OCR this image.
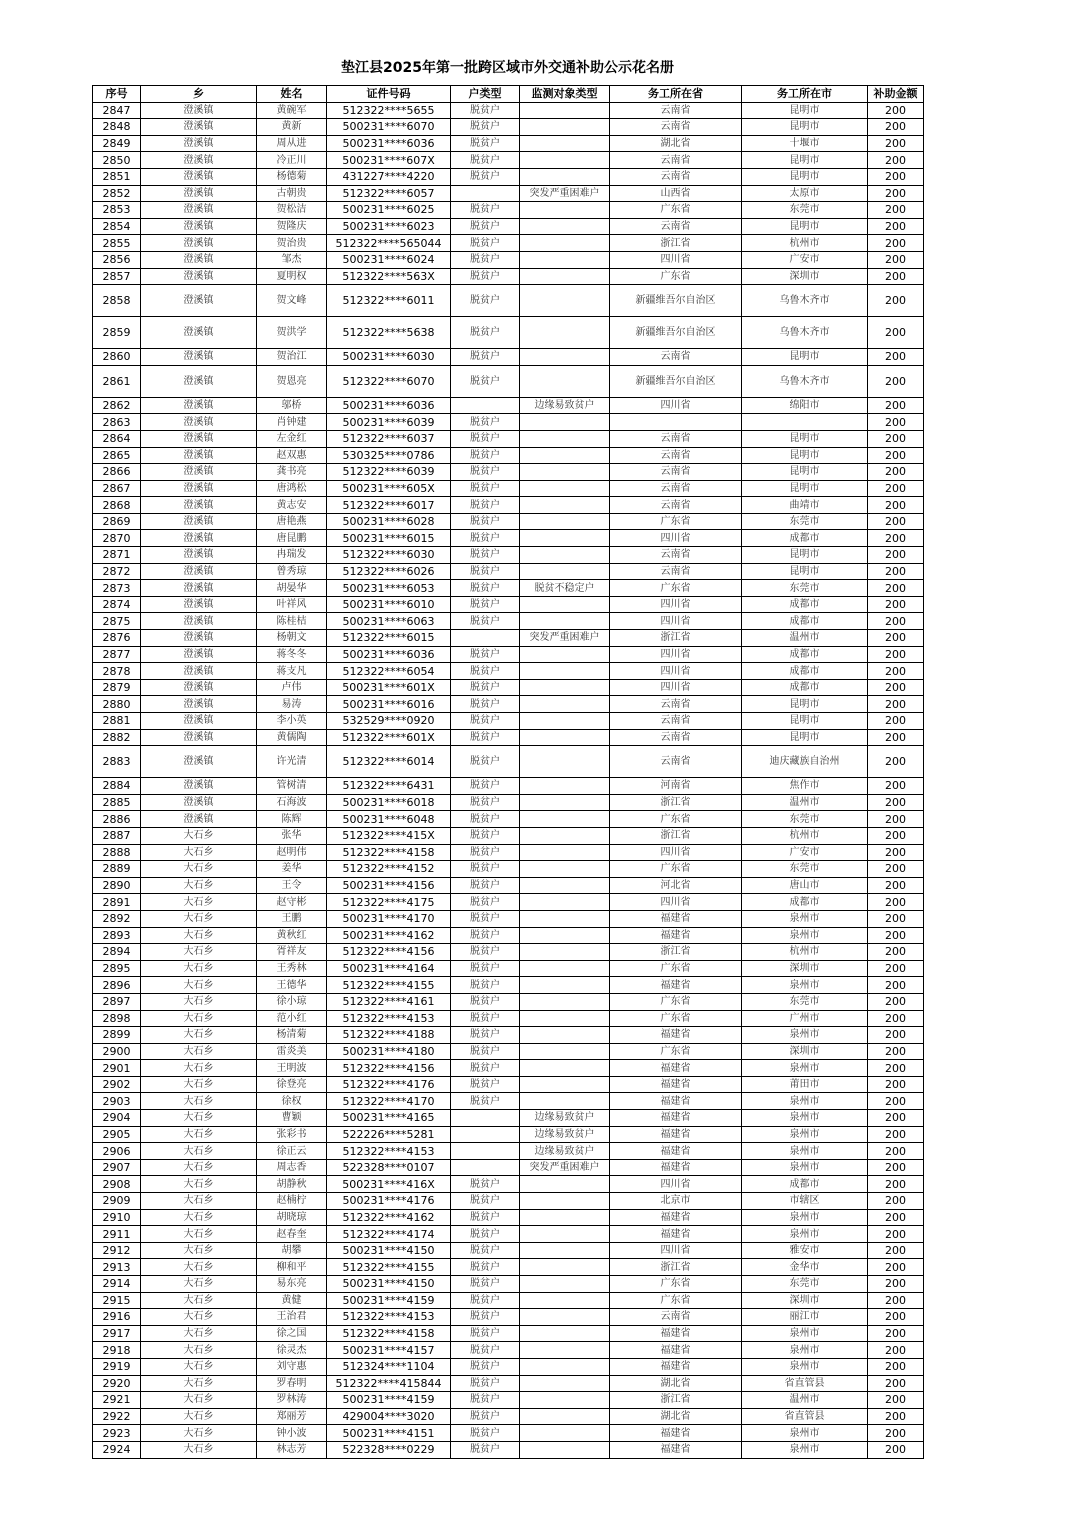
垫江县2025年第一批跨区域市外交通补助公示花名册
序号	乡	姓名	证件号码	户类型	监测对象类型	务工所在省	务工所在市	补助金额
2847	澄溪镇	黄碗军	512322****5655	脱贫户		云南省	昆明市	200
2848	澄溪镇	黄新	500231****6070	脱贫户		云南省	昆明市	200
2849	澄溪镇	周从进	500231****6036	脱贫户		湖北省	十堰市	200
2850	澄溪镇	冷正川	500231****607X	脱贫户		云南省	昆明市	200
2851	澄溪镇	杨德菊	431227****4220	脱贫户		云南省	昆明市	200
2852	澄溪镇	古朝贵	512322****6057		突发严重困难户	山西省	太原市	200
2853	澄溪镇	贺松洁	500231****6025	脱贫户		广东省	东莞市	200
2854	澄溪镇	贺隆庆	500231****6023	脱贫户		云南省	昆明市	200
2855	澄溪镇	贺治贵	512322****565044	脱贫户		浙江省	杭州市	200
2856	澄溪镇	邹杰	500231****6024	脱贫户		四川省	广安市	200
2857	澄溪镇	夏明权	512322****563X	脱贫户		广东省	深圳市	200
2858	澄溪镇	贺文峰	512322****6011	脱贫户		新疆维吾尔自治区	乌鲁木齐市	200
2859	澄溪镇	贺洪学	512322****5638	脱贫户		新疆维吾尔自治区	乌鲁木齐市	200
2860	澄溪镇	贺治江	500231****6030	脱贫户		云南省	昆明市	200
2861	澄溪镇	贺恩亮	512322****6070	脱贫户		新疆维吾尔自治区	乌鲁木齐市	200
2862	澄溪镇	邬桥	500231****6036		边缘易致贫户	四川省	绵阳市	200
2863	澄溪镇	肖钟建	500231****6039	脱贫户				200
2864	澄溪镇	左金红	512322****6037	脱贫户		云南省	昆明市	200
2865	澄溪镇	赵双惠	530325****0786	脱贫户		云南省	昆明市	200
2866	澄溪镇	龚书亮	512322****6039	脱贫户		云南省	昆明市	200
2867	澄溪镇	唐鸿松	500231****605X	脱贫户		云南省	昆明市	200
2868	澄溪镇	黄志安	512322****6017	脱贫户		云南省	曲靖市	200
2869	澄溪镇	唐艳燕	500231****6028	脱贫户		广东省	东莞市	200
2870	澄溪镇	唐昆鹏	500231****6015	脱贫户		四川省	成都市	200
2871	澄溪镇	冉瑞发	512322****6030	脱贫户		云南省	昆明市	200
2872	澄溪镇	曾秀琼	512322****6026	脱贫户		云南省	昆明市	200
2873	澄溪镇	胡晏华	500231****6053	脱贫户	脱贫不稳定户	广东省	东莞市	200
2874	澄溪镇	叶祥风	500231****6010	脱贫户		四川省	成都市	200
2875	澄溪镇	陈桂桔	500231****6063	脱贫户		四川省	成都市	200
2876	澄溪镇	杨朝文	512322****6015		突发严重困难户	浙江省	温州市	200
2877	澄溪镇	蒋冬冬	500231****6036	脱贫户		四川省	成都市	200
2878	澄溪镇	蒋支凡	512322****6054	脱贫户		四川省	成都市	200
2879	澄溪镇	卢伟	500231****601X	脱贫户		四川省	成都市	200
2880	澄溪镇	易涛	500231****6016	脱贫户		云南省	昆明市	200
2881	澄溪镇	李小英	532529****0920	脱贫户		云南省	昆明市	200
2882	澄溪镇	黄儒陶	512322****601X	脱贫户		云南省	昆明市	200
2883	澄溪镇	许光清	512322****6014	脱贫户		云南省	迪庆藏族自治州	200
2884	澄溪镇	管树清	512322****6431	脱贫户		河南省	焦作市	200
2885	澄溪镇	石海波	500231****6018	脱贫户		浙江省	温州市	200
2886	澄溪镇	陈辉	500231****6048	脱贫户		广东省	东莞市	200
2887	大石乡	张华	512322****415X	脱贫户		浙江省	杭州市	200
2888	大石乡	赵明伟	512322****4158	脱贫户		四川省	广安市	200
2889	大石乡	姜华	512322****4152	脱贫户		广东省	东莞市	200
2890	大石乡	王令	500231****4156	脱贫户		河北省	唐山市	200
2891	大石乡	赵守彬	512322****4175	脱贫户		四川省	成都市	200
2892	大石乡	王鹏	500231****4170	脱贫户		福建省	泉州市	200
2893	大石乡	黄秋红	500231****4162	脱贫户		福建省	泉州市	200
2894	大石乡	胥祥友	512322****4156	脱贫户		浙江省	杭州市	200
2895	大石乡	王秀林	500231****4164	脱贫户		广东省	深圳市	200
2896	大石乡	王德华	512322****4155	脱贫户		福建省	泉州市	200
2897	大石乡	徐小琼	512322****4161	脱贫户		广东省	东莞市	200
2898	大石乡	范小红	512322****4153	脱贫户		广东省	广州市	200
2899	大石乡	杨清菊	512322****4188	脱贫户		福建省	泉州市	200
2900	大石乡	雷炎美	500231****4180	脱贫户		广东省	深圳市	200
2901	大石乡	王明波	512322****4156	脱贫户		福建省	泉州市	200
2902	大石乡	徐登亮	512322****4176	脱贫户		福建省	莆田市	200
2903	大石乡	徐权	512322****4170	脱贫户		福建省	泉州市	200
2904	大石乡	曹颖	500231****4165		边缘易致贫户	福建省	泉州市	200
2905	大石乡	张彩书	522226****5281		边缘易致贫户	福建省	泉州市	200
2906	大石乡	徐正云	512322****4153		边缘易致贫户	福建省	泉州市	200
2907	大石乡	周志香	522328****0107		突发严重困难户	福建省	泉州市	200
2908	大石乡	胡静秋	500231****416X	脱贫户		四川省	成都市	200
2909	大石乡	赵楠柠	500231****4176	脱贫户		北京市	市辖区	200
2910	大石乡	胡晓琼	512322****4162	脱贫户		福建省	泉州市	200
2911	大石乡	赵春奎	512322****4174	脱贫户		福建省	泉州市	200
2912	大石乡	胡攀	500231****4150	脱贫户		四川省	雅安市	200
2913	大石乡	柳和平	512322****4155	脱贫户		浙江省	金华市	200
2914	大石乡	易东亮	500231****4150	脱贫户		广东省	东莞市	200
2915	大石乡	黄健	500231****4159	脱贫户		广东省	深圳市	200
2916	大石乡	王治君	512322****4153	脱贫户		云南省	丽江市	200
2917	大石乡	徐之国	512322****4158	脱贫户		福建省	泉州市	200
2918	大石乡	徐灵杰	500231****4157	脱贫户		福建省	泉州市	200
2919	大石乡	刘守惠	512324****1104	脱贫户		福建省	泉州市	200
2920	大石乡	罗春明	512322****415844	脱贫户		湖北省	省直管县	200
2921	大石乡	罗林涛	500231****4159	脱贫户		浙江省	温州市	200
2922	大石乡	郑丽芳	429004****3020	脱贫户		湖北省	省直管县	200
2923	大石乡	钟小波	500231****4151	脱贫户		福建省	泉州市	200
2924	大石乡	林志芳	522328****0229	脱贫户		福建省	泉州市	200
